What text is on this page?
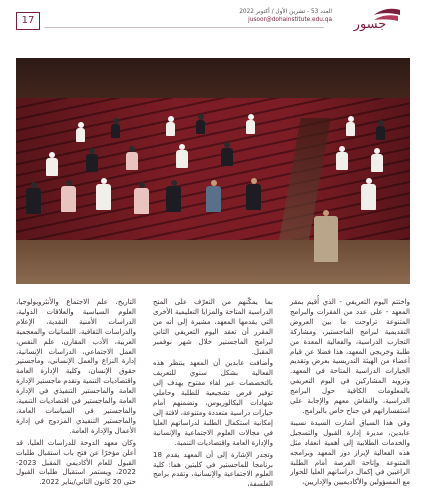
17
العدد 53 - تشرين الأول / أكتوبر 2022
jusoor@dohainstitute.edu.qa جسور

واختتم اليوم التعريفي - الذي أُقيم بمقر المعهد - على عدد من الفقرات والبرامج المتنوعة تراوحت ما بين العروض التقديمية لبرامج الماجستير، ومشاركة التجارب الدراسية، والفعالية المعدة من طلبة وخريجي المعهد، هذا فضلا عن قيام أعضاء من الهيئة التدريسية بعرض وتقديم الخيارات الدراسية المتاحة في المعهد. وتزويد المشاركين في اليوم التعريفي بالمعلومات الكافية حول البرامج الدراسية، والنقاش معهم والإجابة على استفساراتهم في جناح خاص بالبرامج.

وفي هذا السياق أشارت السيدة نسيبة عابدين، مديرة إدارة القبول والتسجيل والخدمات الطلابية إلى أهمية انعقاد مثل هذه الفعالية لإبراز دور المعهد وبرامجه المتنوعة وإتاحة الفرصة أمام الطلبة الراغبين في إكمال دراساتهم العليا للحوار مع المسؤولين والأكاديميين والإداريين،

بما يمكّنهم من التعرّف على المنح الدراسية المتاحة والمزايا التعليمية الأخرى التي يقدمها المعهد، مشيرة إلى أنه من المقرر أن تعقد اليوم التعريفي الثاني لبرامج الماجستير خلال شهر نوفمبر المقبل.

وأضافت عابدين أن المعهد ينتظر هذه الفعالية بشكل سنوي للتعريف بالتخصصات عبر لقاء مفتوح يهدف إلى توفير فرص تشجيعية للطلبة وحاملي شهادات البكالوريوس، وتضمنهم أمام خيارات دراسية متعددة ومتنوعة، لافتة إلى إمكانية استكمال الطلبة لدراساتهم العليا في مجالات العلوم الاجتماعية والإنسانية والإدارة العامة واقتصاديات التنمية.

وتجدر الإشارة إلى أن المعهد يقدم 18 برنامجا للماجستير في كليتين هما: كلية العلوم الاجتماعية والإنسانية، وتقدم برامج الفلسفة،

التاريخ، علم الاجتماع والأنثروبولوجيا، العلوم السياسية والعلاقات الدولية، الدراسات الأمنية النقدية، الإعلام والدراسات الثقافية، اللسانيات والمعجمية العربية، الأدب المقارن، علم النفس، العمل الاجتماعي، الدراسات الإنسانية، إدارة النزاع والعمل الإنساني، وماجستير حقوق الإنسان، وكلية الإدارة العامة واقتصاديات التنمية وتقدم ماجستير الإدارة العامة والماجستير التنفيذي في الإدارة العامة والماجستير في اقتصاديات التنمية، والماجستير في السياسات العامة، والماجستير التنفيذي المزدوج في إدارة الأعمال والإدارة العامة.

وكان معهد الدوحة للدراسات العليا، قد أعلن مؤخرًا عن فتح باب استقبال طلبات القبول للعام الأكاديمي المقبل 2023-2022، ويستمر استقبال طلبات القبول حتى 20 كانون الثاني/يناير 2022.
